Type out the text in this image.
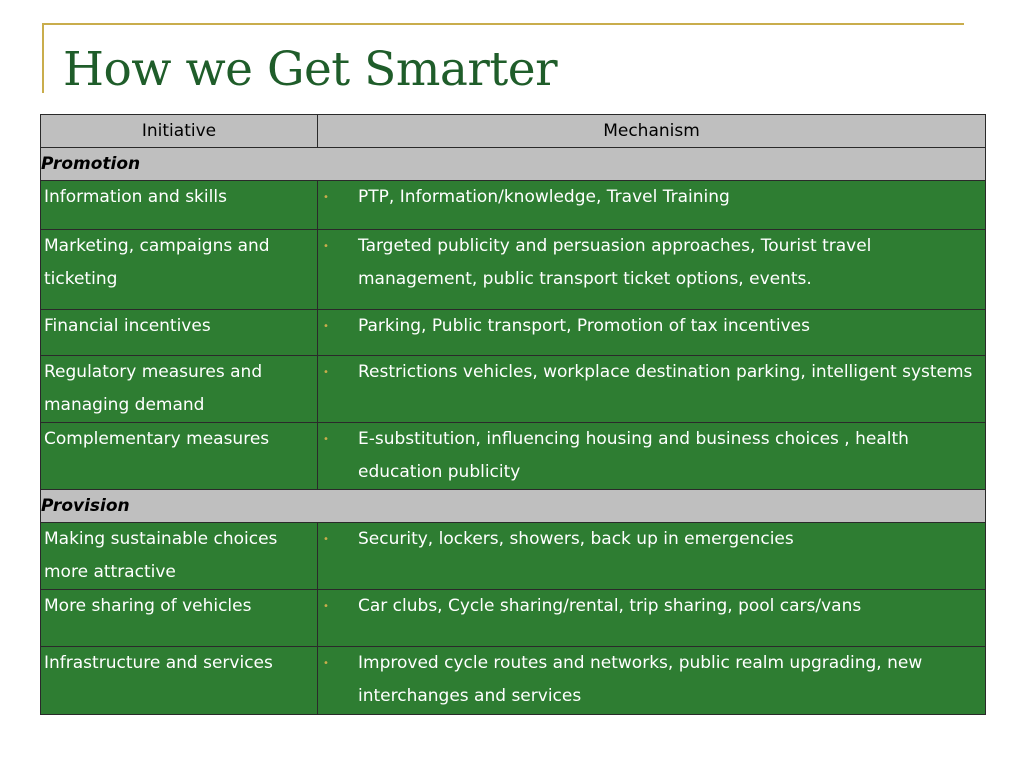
How we Get Smarter
Initiative	Mechanism
Promotion	
Information and skills	• PTP, Information/knowledge, Travel Training

Marketing, campaigns and ticketing	• Targeted publicity and persuasion approaches, Tourist travel management, public transport ticket options, events.

Financial incentives	• Parking, Public transport, Promotion of tax incentives

Regulatory measures and managing demand	• Restrictions vehicles, workplace destination parking, intelligent systems

Complementary measures	• E-substitution, influencing housing and business choices , health education publicity

Provision	
Making sustainable choices more attractive	• Security, lockers, showers, back up in emergencies

More sharing of vehicles	• Car clubs, Cycle sharing/rental, trip sharing, pool cars/vans

Infrastructure and services	• Improved cycle routes and networks, public realm upgrading, new interchanges and services
